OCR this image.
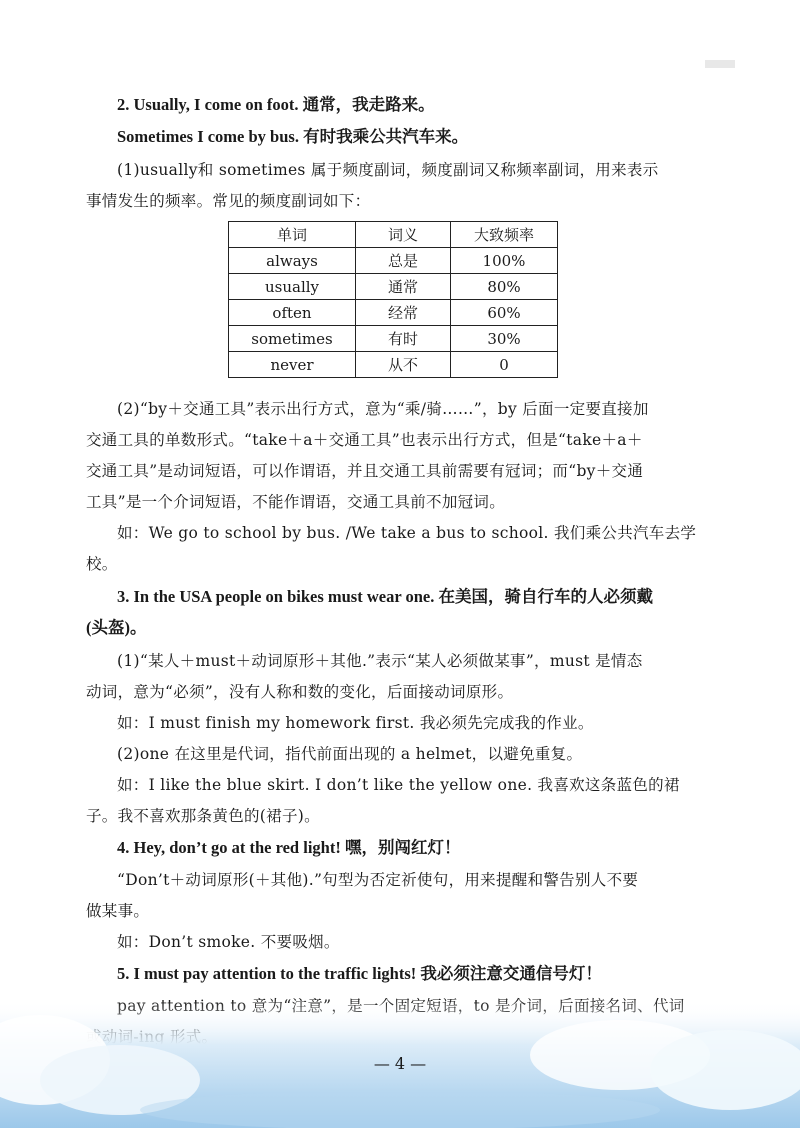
2. Usually, I come on foot. 通常，我走路来。
Sometimes I come by bus. 有时我乘公共汽车来。
(1)usually和 sometimes 属于频度副词，频度副词又称频率副词，用来表示
事情发生的频率。常见的频度副词如下：
单词	词义	大致频率
always	总是	100%
usually	通常	80%
often	经常	60%
sometimes	有时	30%
never	从不	0
(2)“by＋交通工具”表示出行方式，意为“乘/骑……”，by 后面一定要直接加
交通工具的单数形式。“take＋a＋交通工具”也表示出行方式，但是“take＋a＋
交通工具”是动词短语，可以作谓语，并且交通工具前需要有冠词；而“by＋交通
工具”是一个介词短语，不能作谓语，交通工具前不加冠词。
如：We go to school by bus. /We take a bus to school. 我们乘公共汽车去学
校。
3. In the USA people on bikes must wear one. 在美国，骑自行车的人必须戴
(头盔)。
(1)“某人＋must＋动词原形＋其他.”表示“某人必须做某事”，must 是情态
动词，意为“必须”，没有人称和数的变化，后面接动词原形。
如：I must finish my homework first. 我必须先完成我的作业。
(2)one 在这里是代词，指代前面出现的 a helmet，以避免重复。
如：I like the blue skirt. I don’t like the yellow one. 我喜欢这条蓝色的裙
子。我不喜欢那条黄色的(裙子)。
4. Hey, don’t go at the red light! 嘿，别闯红灯！
“Don’t＋动词原形(＋其他).”句型为否定祈使句，用来提醒和警告别人不要
做某事。
如：Don’t smoke. 不要吸烟。
5. I must pay attention to the traffic lights! 我必须注意交通信号灯！
— 4 —
